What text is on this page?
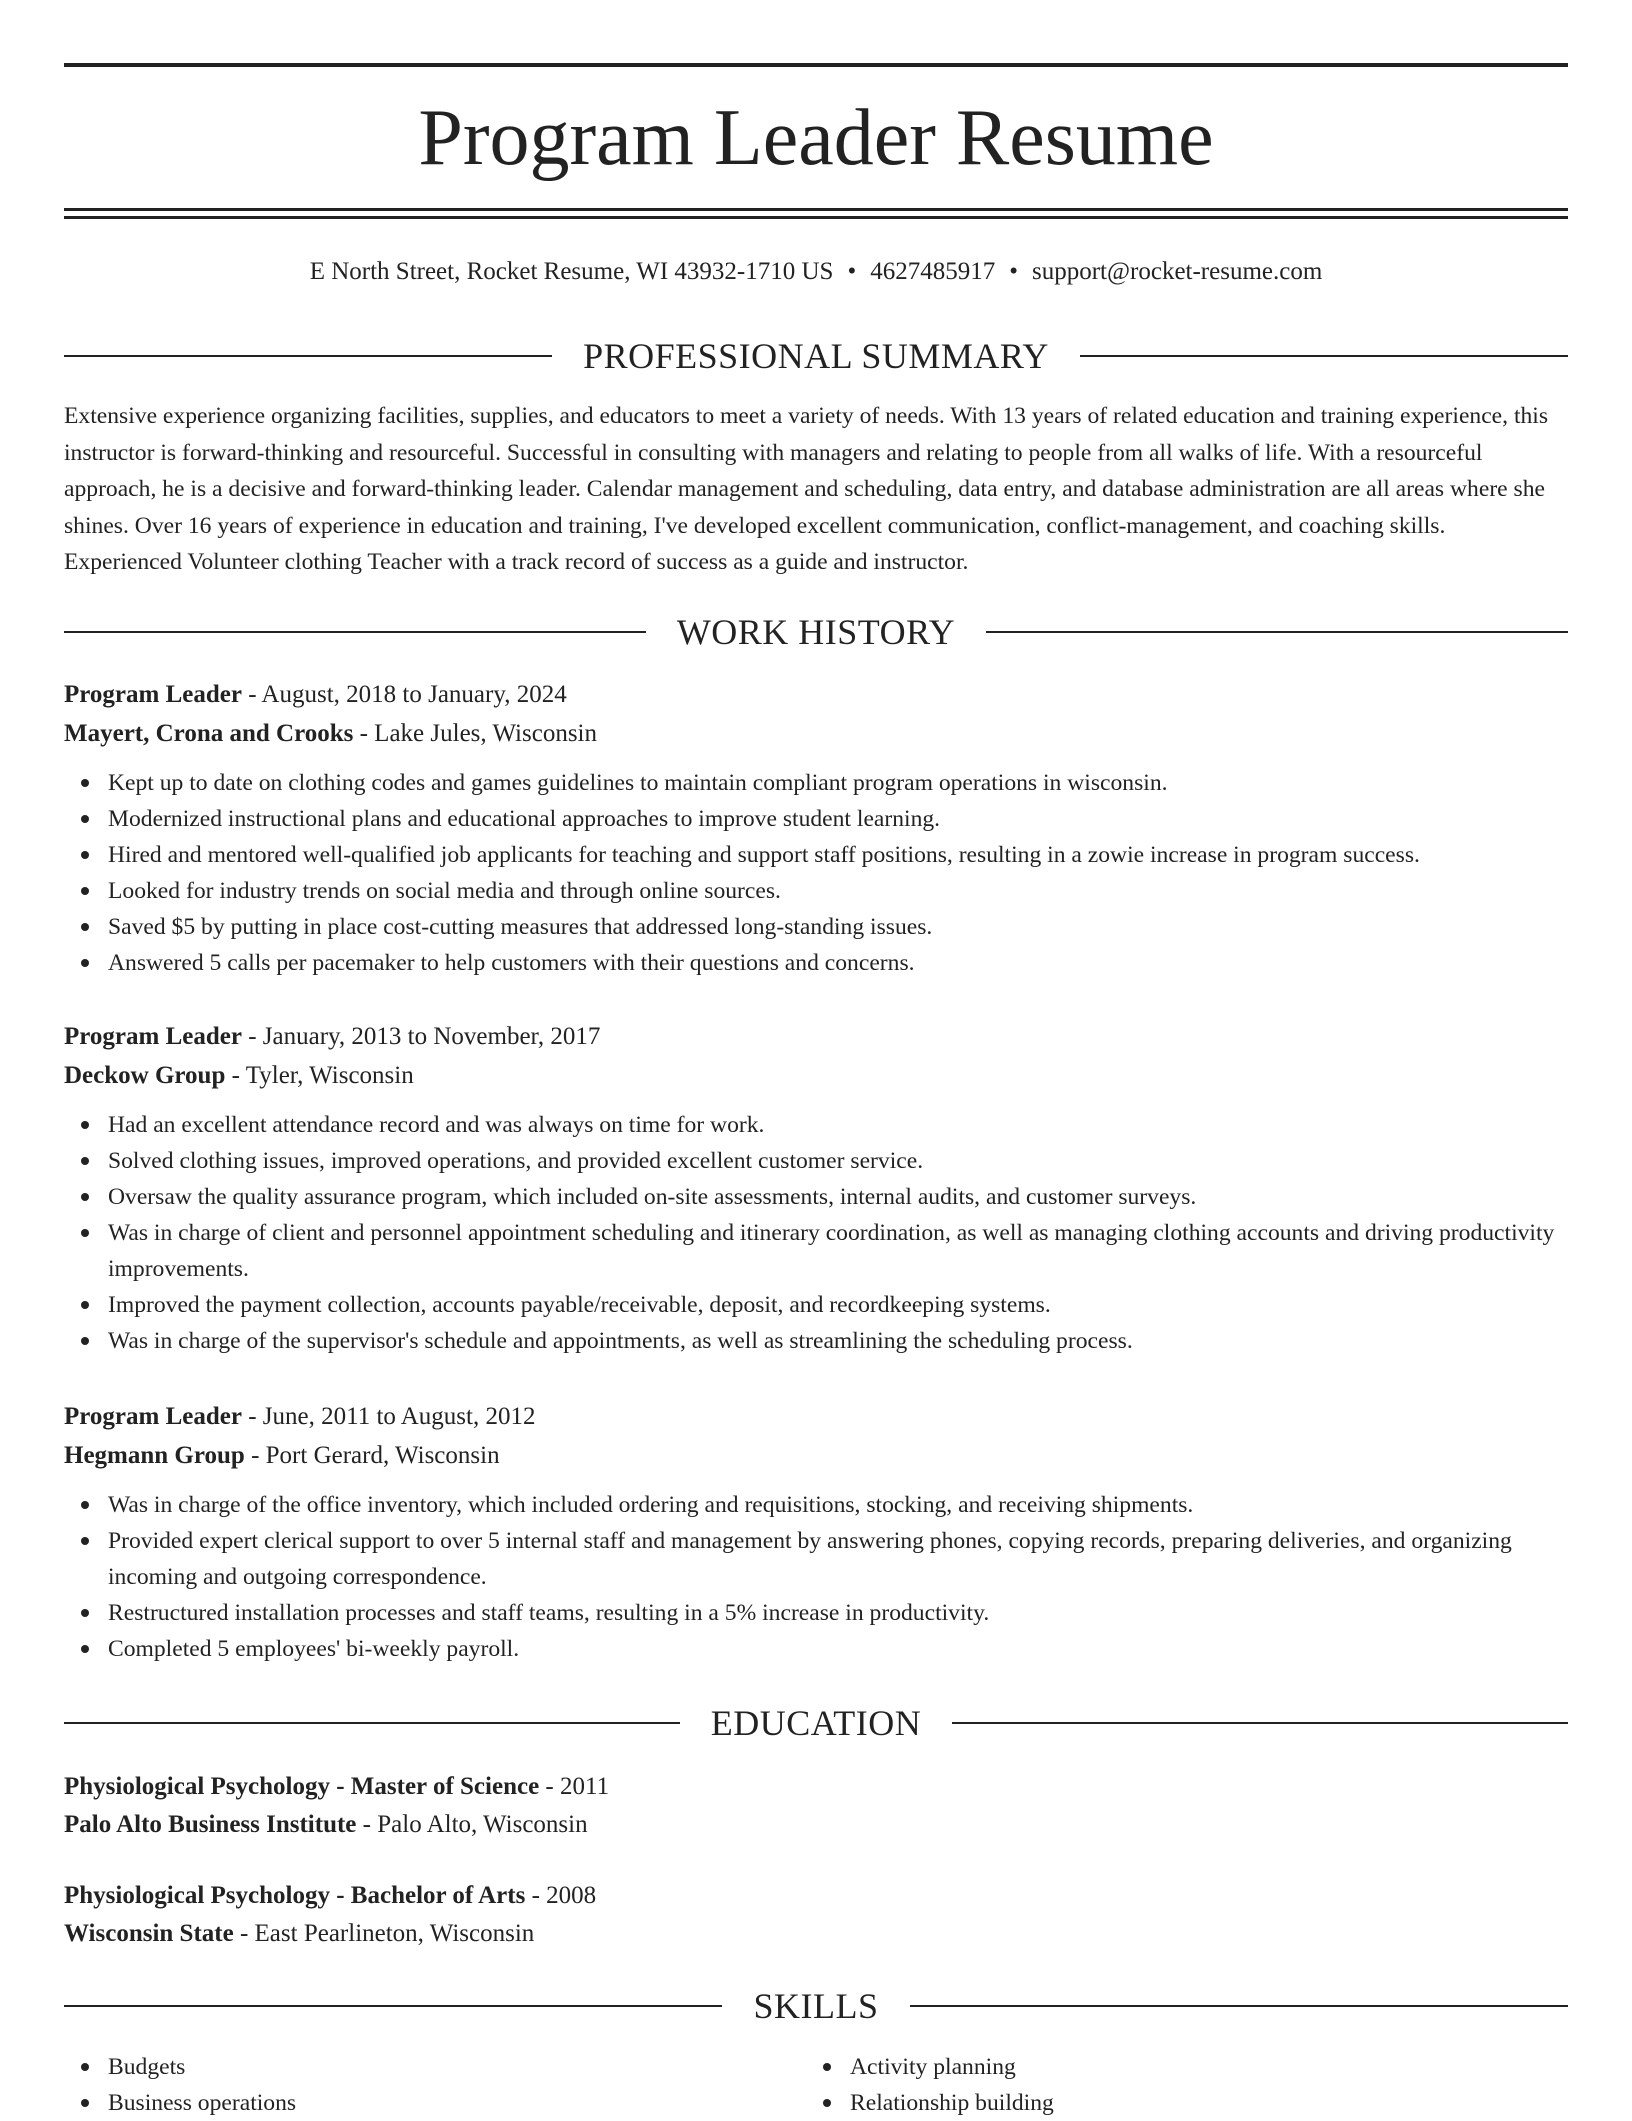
Program Leader Resume
E North Street, Rocket Resume, WI 43932-1710 US • 4627485917 • support@rocket-resume.com
PROFESSIONAL SUMMARY

Extensive experience organizing facilities, supplies, and educators to meet a variety of needs. With 13 years of related education and training experience, this instructor is forward-thinking and resourceful. Successful in consulting with managers and relating to people from all walks of life. With a resourceful approach, he is a decisive and forward-thinking leader. Calendar management and scheduling, data entry, and database administration are all areas where she shines. Over 16 years of experience in education and training, I've developed excellent communication, conflict-management, and coaching skills. Experienced Volunteer clothing Teacher with a track record of success as a guide and instructor.

WORK HISTORY
Program Leader - August, 2018 to January, 2024
Mayert, Crona and Crooks - Lake Jules, Wisconsin
Kept up to date on clothing codes and games guidelines to maintain compliant program operations in wisconsin.
Modernized instructional plans and educational approaches to improve student learning.
Hired and mentored well-qualified job applicants for teaching and support staff positions, resulting in a zowie increase in program success.
Looked for industry trends on social media and through online sources.
Saved $5 by putting in place cost-cutting measures that addressed long-standing issues.
Answered 5 calls per pacemaker to help customers with their questions and concerns.
Program Leader - January, 2013 to November, 2017
Deckow Group - Tyler, Wisconsin
Had an excellent attendance record and was always on time for work.
Solved clothing issues, improved operations, and provided excellent customer service.
Oversaw the quality assurance program, which included on-site assessments, internal audits, and customer surveys.
Was in charge of client and personnel appointment scheduling and itinerary coordination, as well as managing clothing accounts and driving productivity improvements.
Improved the payment collection, accounts payable/receivable, deposit, and recordkeeping systems.
Was in charge of the supervisor's schedule and appointments, as well as streamlining the scheduling process.
Program Leader - June, 2011 to August, 2012
Hegmann Group - Port Gerard, Wisconsin
Was in charge of the office inventory, which included ordering and requisitions, stocking, and receiving shipments.
Provided expert clerical support to over 5 internal staff and management by answering phones, copying records, preparing deliveries, and organizing incoming and outgoing correspondence.
Restructured installation processes and staff teams, resulting in a 5% increase in productivity.
Completed 5 employees' bi-weekly payroll.
EDUCATION
Physiological Psychology - Master of Science - 2011
Palo Alto Business Institute - Palo Alto, Wisconsin
Physiological Psychology - Bachelor of Arts - 2008
Wisconsin State - East Pearlineton, Wisconsin
SKILLS
Budgets
Business operations
Activity planning
Relationship building
